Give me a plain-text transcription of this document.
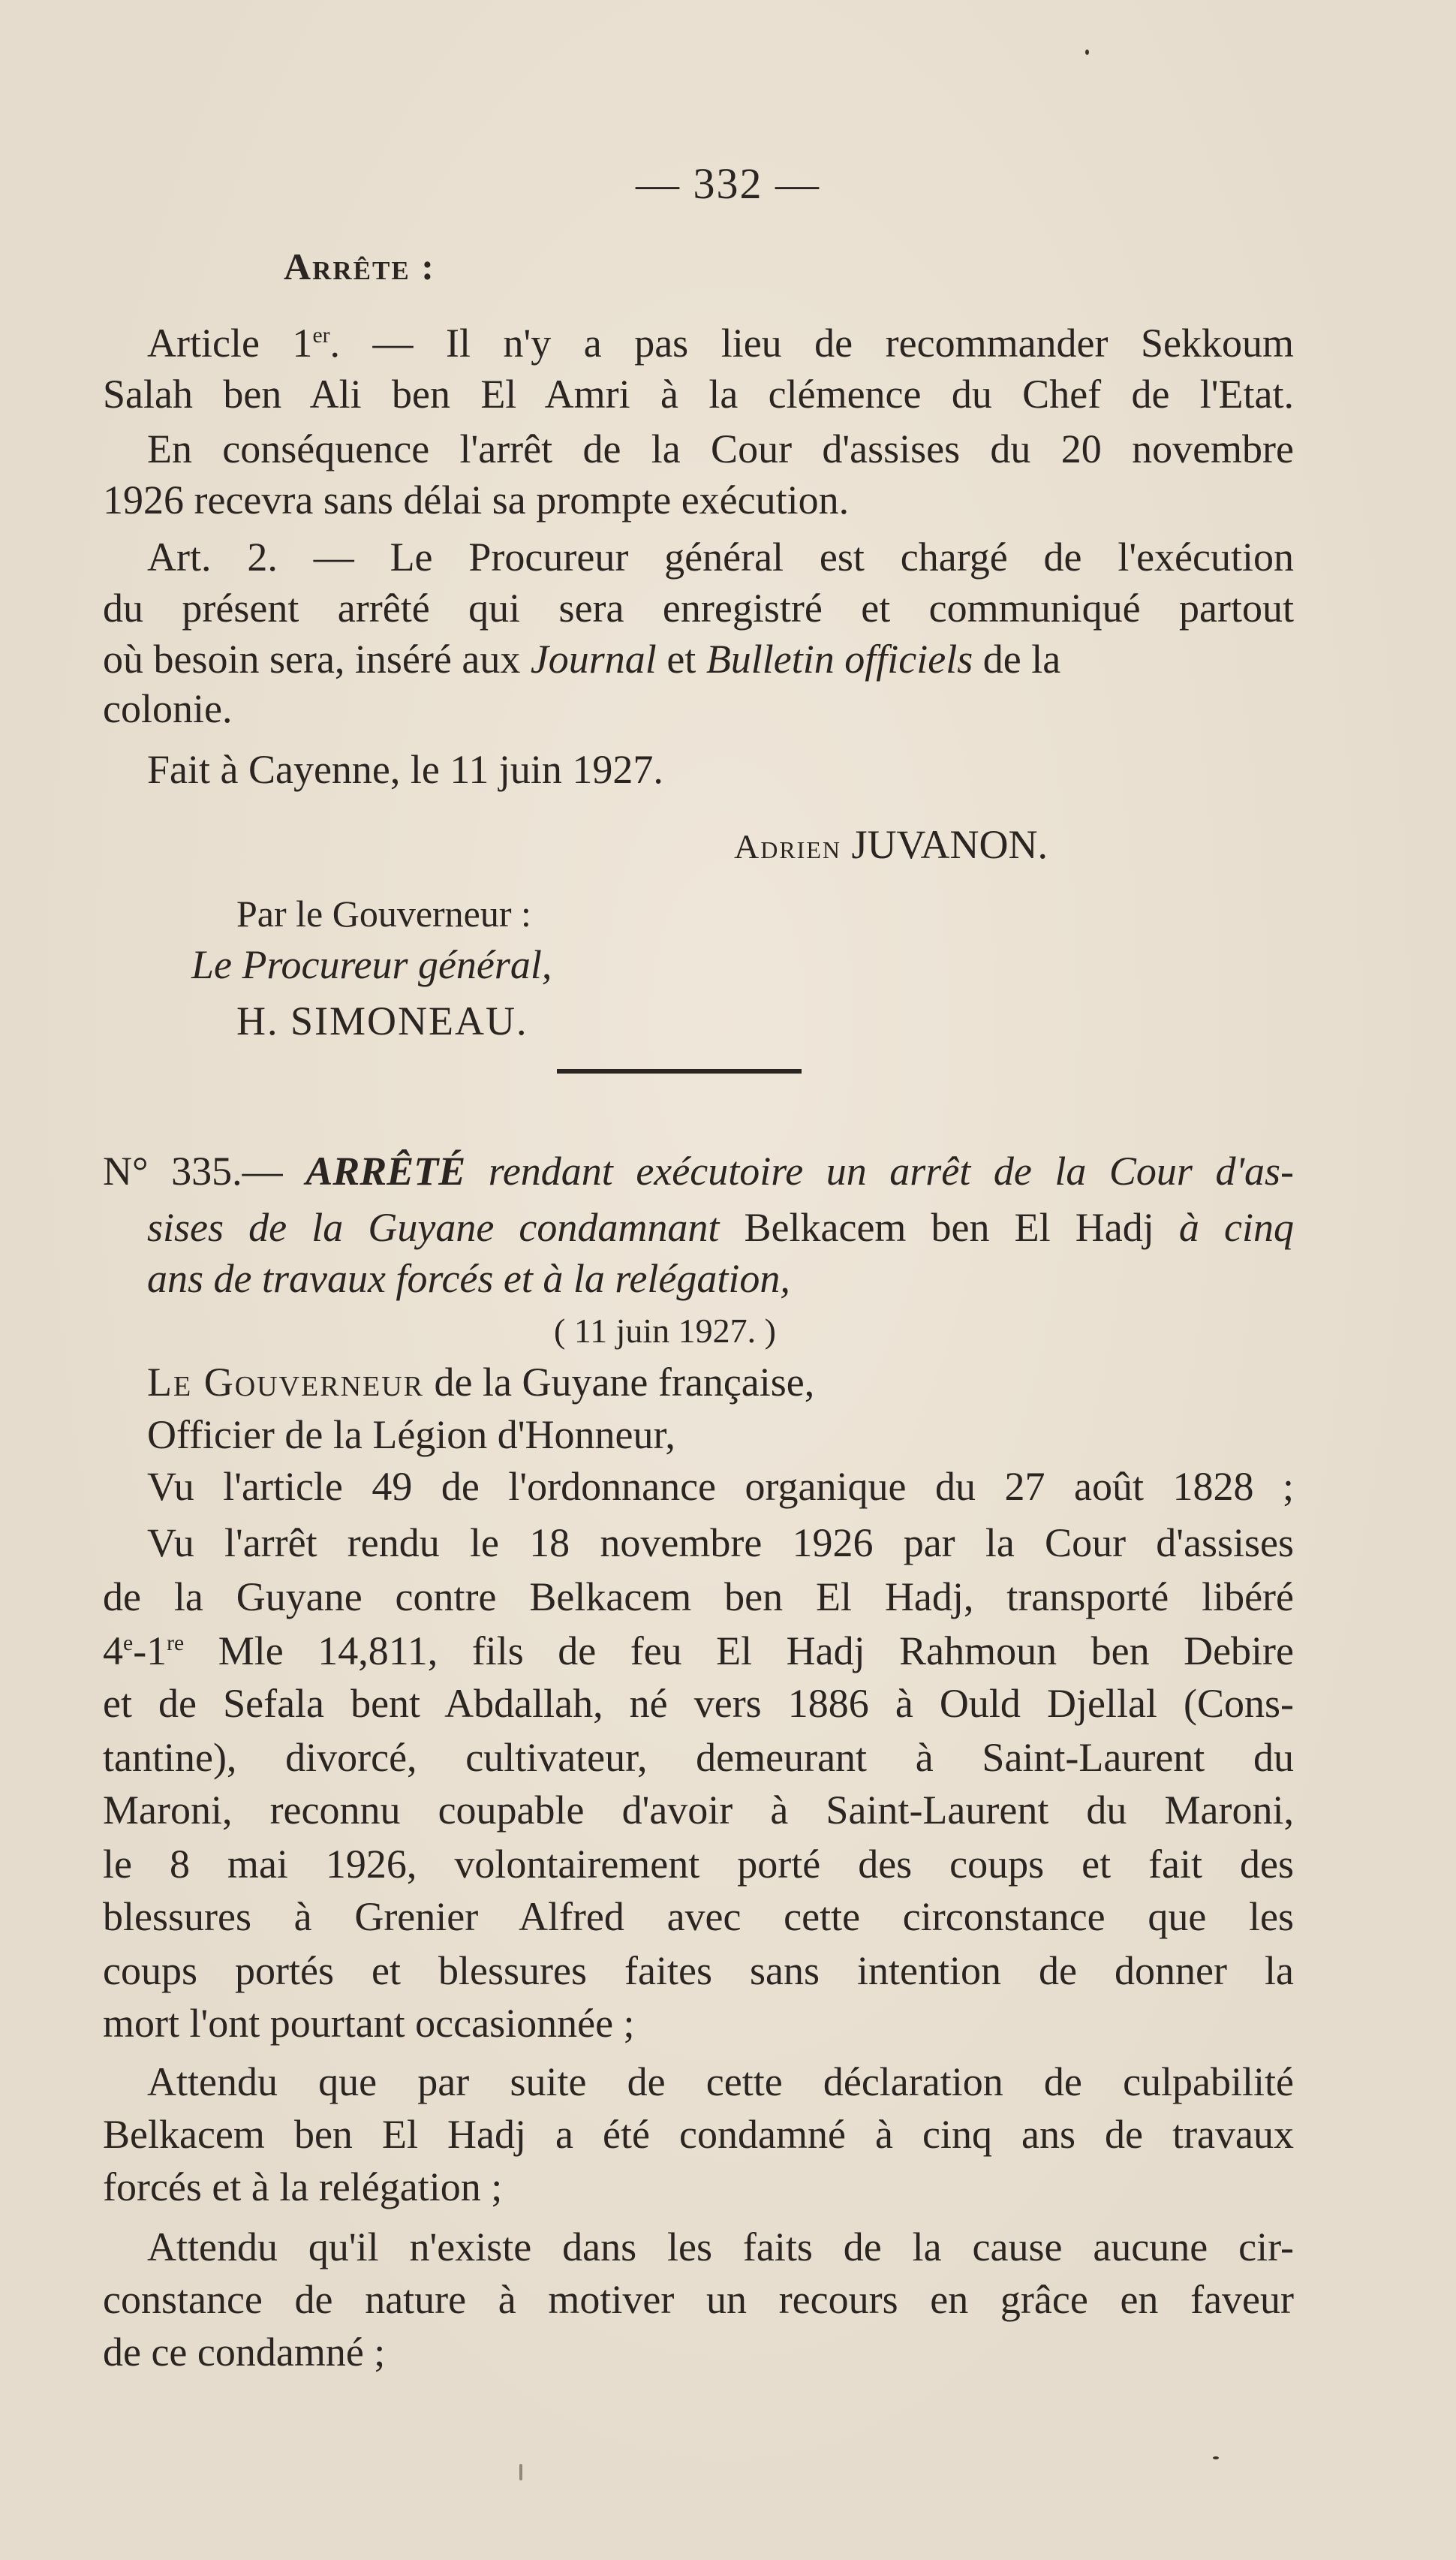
— 332 —
Arrête :
Article 1er. — Il n'y a pas lieu de recommander Sekkoum
Salah ben Ali ben El Amri à la clémence du Chef de l'Etat.
En conséquence l'arrêt de la Cour d'assises du 20 novembre
1926 recevra sans délai sa prompte exécution.
Art. 2. — Le Procureur général est chargé de l'exécution
du présent arrêté qui sera enregistré et communiqué partout
où besoin sera, inséré aux Journal et Bulletin officiels de la
colonie.
Fait à Cayenne, le 11 juin 1927.
Adrien JUVANON.
Par le Gouverneur :
Le Procureur général,
H. SIMONEAU.
N° 335.— ARRÊTÉ rendant exécutoire un arrêt de la Cour d'as-
sises de la Guyane condamnant Belkacem ben El Hadj à cinq
ans de travaux forcés et à la relégation,
( 11 juin 1927. )
Le Gouverneur de la Guyane française,
Officier de la Légion d'Honneur,
Vu l'article 49 de l'ordonnance organique du 27 août 1828 ;
Vu l'arrêt rendu le 18 novembre 1926 par la Cour d'assises
de la Guyane contre Belkacem ben El Hadj, transporté libéré
4e-1re Mle 14,811, fils de feu El Hadj Rahmoun ben Debire
et de Sefala bent Abdallah, né vers 1886 à Ould Djellal (Cons-
tantine), divorcé, cultivateur, demeurant à Saint-Laurent du
Maroni, reconnu coupable d'avoir à Saint-Laurent du Maroni,
le 8 mai 1926, volontairement porté des coups et fait des
blessures à Grenier Alfred avec cette circonstance que les
coups portés et blessures faites sans intention de donner la
mort l'ont pourtant occasionnée ;
Attendu que par suite de cette déclaration de culpabilité
Belkacem ben El Hadj a été condamné à cinq ans de travaux
forcés et à la relégation ;
Attendu qu'il n'existe dans les faits de la cause aucune cir-
constance de nature à motiver un recours en grâce en faveur
de ce condamné ;
